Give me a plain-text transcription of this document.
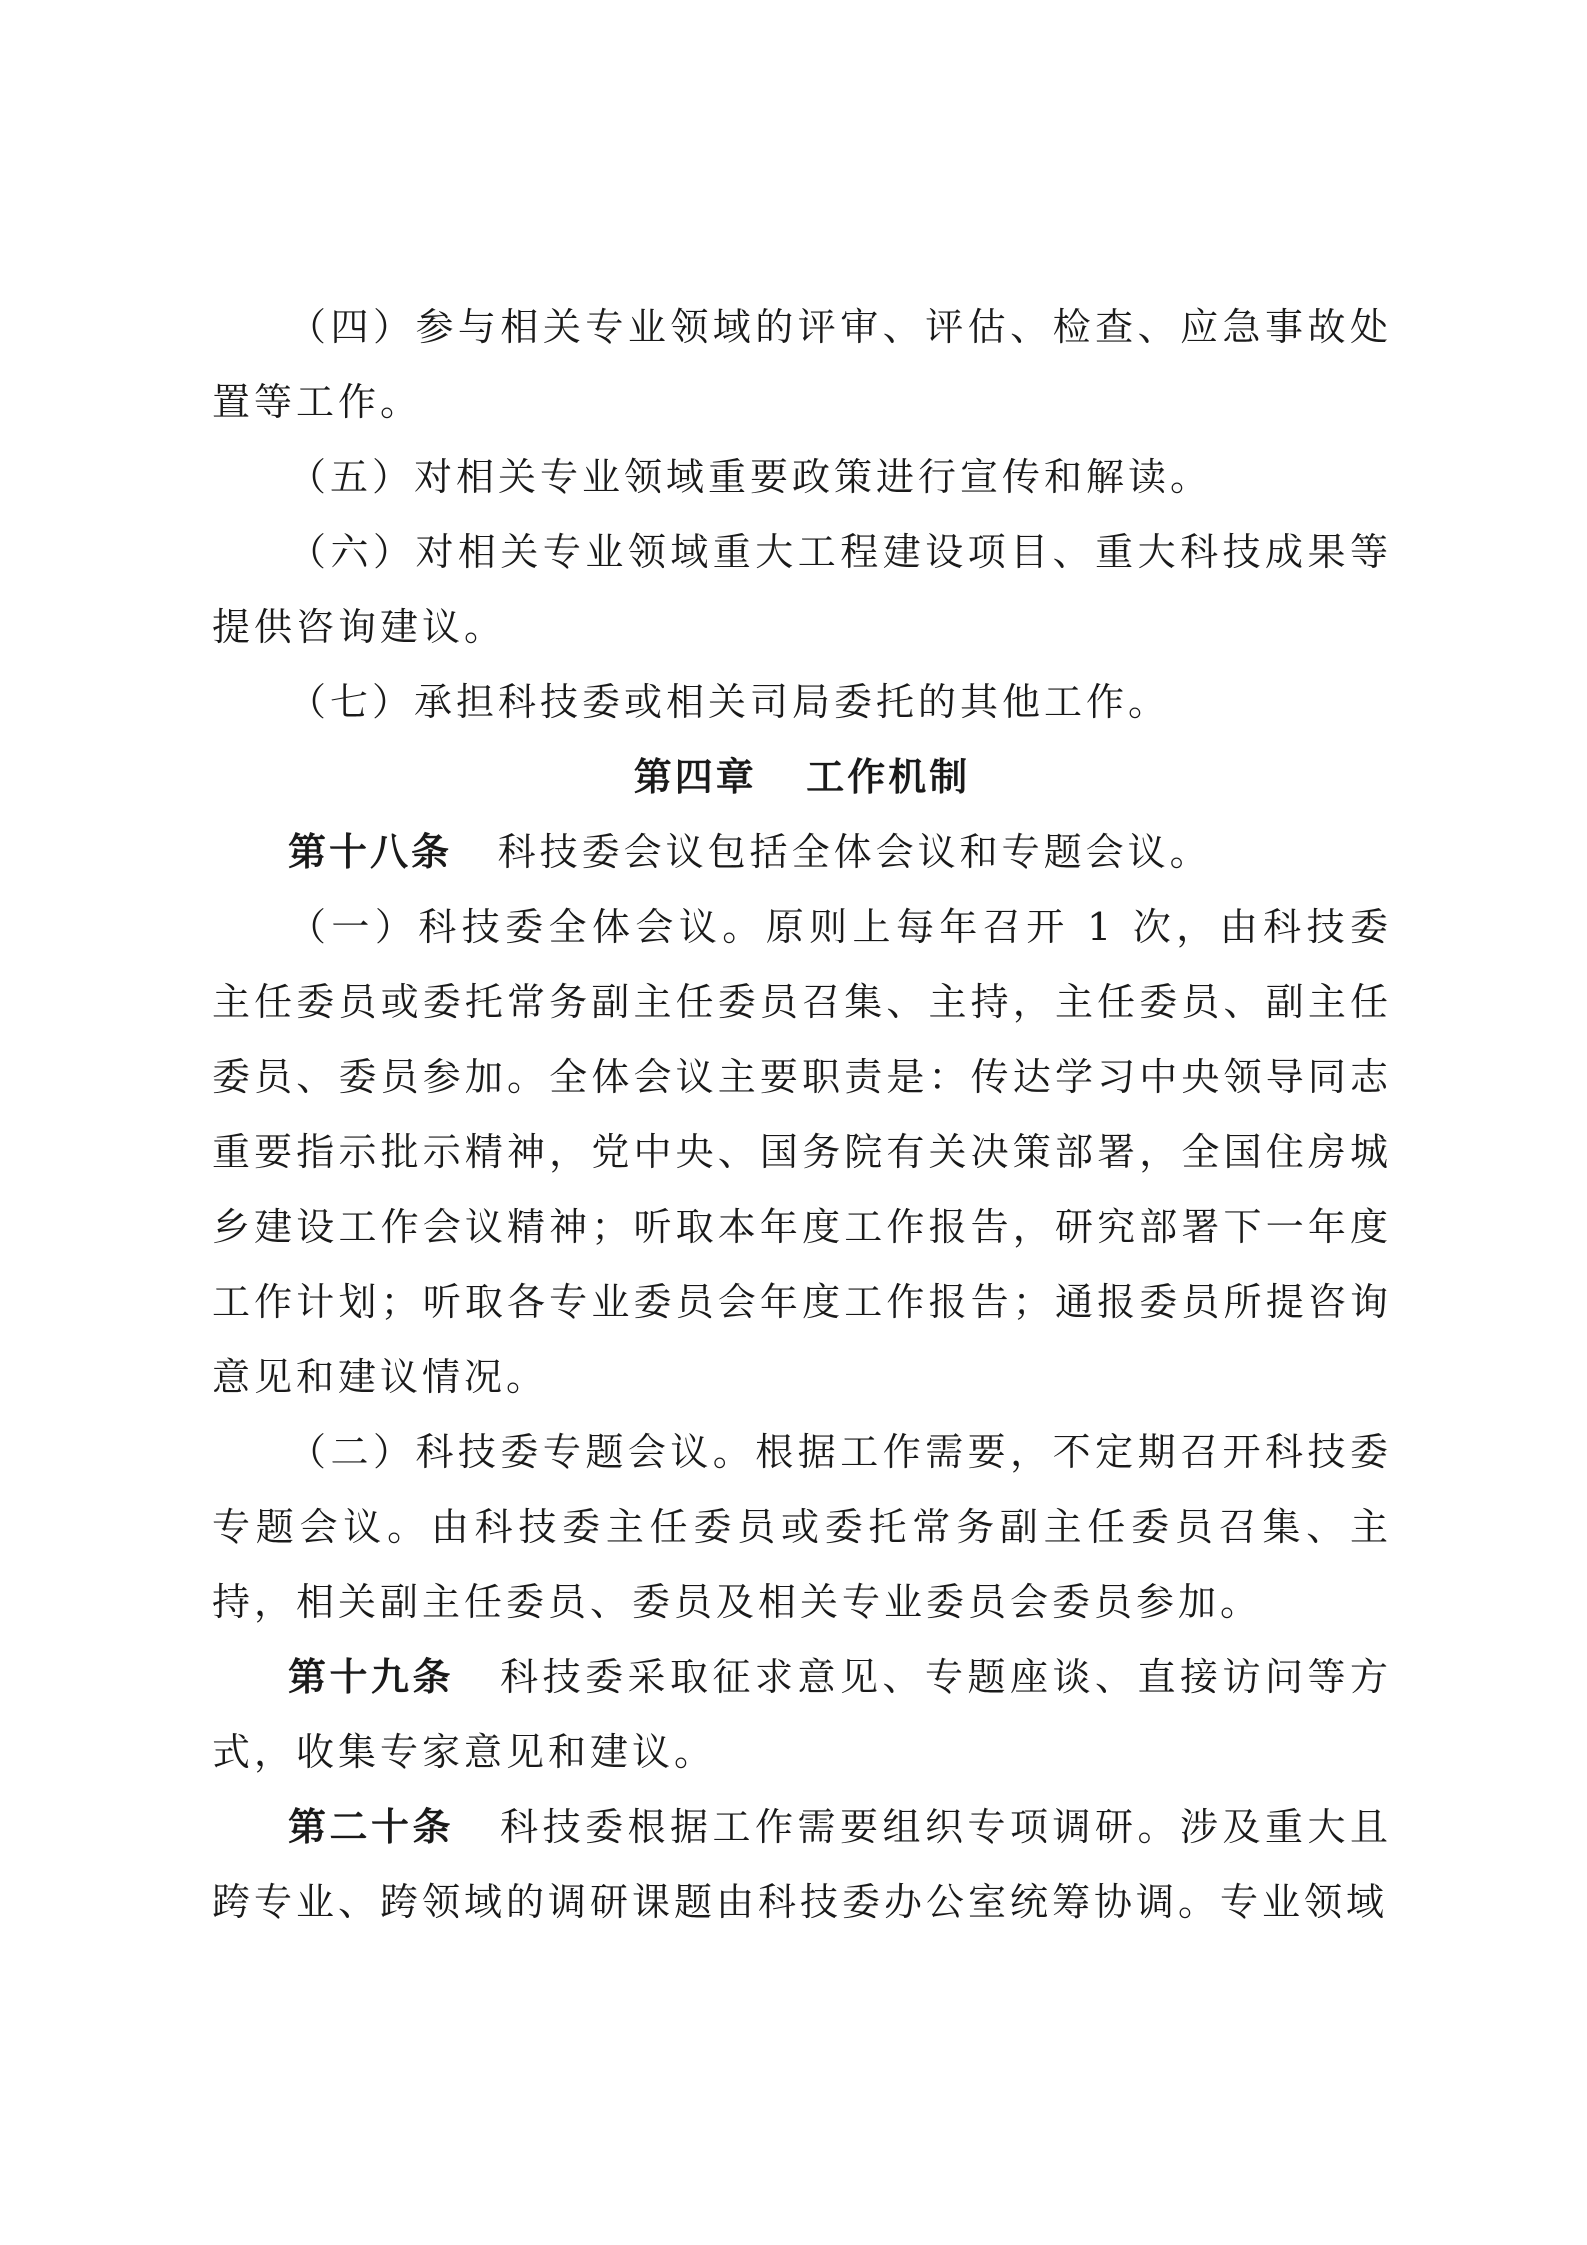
（四）参与相关专业领域的评审、评估、检查、应急事故处置等工作。

（五）对相关专业领域重要政策进行宣传和解读。

（六）对相关专业领域重大工程建设项目、重大科技成果等提供咨询建议。

（七）承担科技委或相关司局委托的其他工作。

第四章 工作机制

第十八条 科技委会议包括全体会议和专题会议。

（一）科技委全体会议。原则上每年召开 1 次，由科技委主任委员或委托常务副主任委员召集、主持，主任委员、副主任委员、委员参加。全体会议主要职责是：传达学习中央领导同志重要指示批示精神，党中央、国务院有关决策部署，全国住房城乡建设工作会议精神；听取本年度工作报告，研究部署下一年度工作计划；听取各专业委员会年度工作报告；通报委员所提咨询意见和建议情况。

（二）科技委专题会议。根据工作需要，不定期召开科技委专题会议。由科技委主任委员或委托常务副主任委员召集、主持，相关副主任委员、委员及相关专业委员会委员参加。

第十九条 科技委采取征求意见、专题座谈、直接访问等方式，收集专家意见和建议。

第二十条 科技委根据工作需要组织专项调研。涉及重大且跨专业、跨领域的调研课题由科技委办公室统筹协调。专业领域
